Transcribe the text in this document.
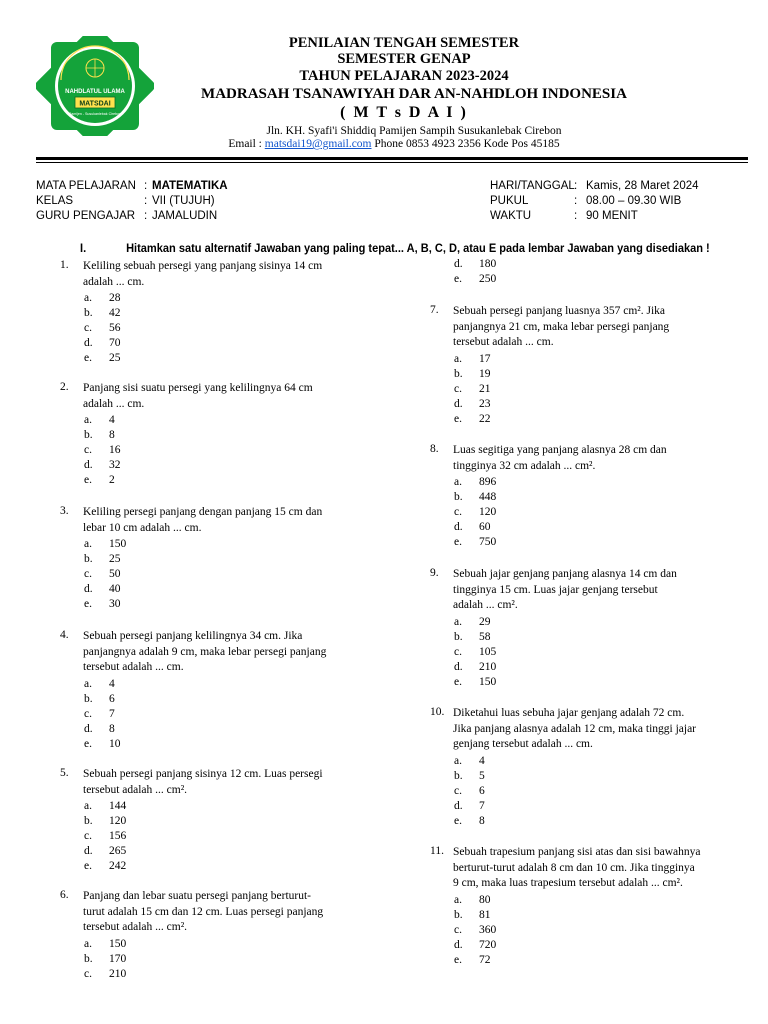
NAHDLATUL ULAMA
MATSDAI
Pamijen - Susukanlebak Cirebon
PENILAIAN TENGAH SEMESTER
SEMESTER GENAP
TAHUN PELAJARAN 2023-2024
MADRASAH TSANAWIYAH DAR AN-NAHDLOH INDONESIA
( M T s D A I )
Jln. KH. Syafi'i Shiddiq Pamijen Sampih Susukanlebak Cirebon
Email : matsdai19@gmail.com Phone 0853 4923 2356 Kode Pos 45185
MATA PELAJARAN : MATEMATIKA
KELAS	: VII (TUJUH)
GURU PENGAJAR : JAMALUDIN
HARI/TANGGAL : Kamis, 28 Maret 2024
PUKUL	: 08.00 – 09.30 WIB
WAKTU	: 90 MENIT
I.	Hitamkan satu alternatif Jawaban yang paling tepat... A, B, C, D, atau E pada lembar Jawaban yang disediakan !
1. Keliling sebuah persegi yang panjang sisinya 14 cm
adalah ... cm.
a. 28
b. 42
c. 56
d. 70
e. 25
2. Panjang sisi suatu persegi yang kelilingnya 64 cm
adalah ... cm.
a. 4
b. 8
c. 16
d. 32
e. 2
3. Keliling persegi panjang dengan panjang 15 cm dan
lebar 10 cm adalah ... cm.
a. 150
b. 25
c. 50
d. 40
e. 30
4. Sebuah persegi panjang kelilingnya 34 cm. Jika
panjangnya adalah 9 cm, maka lebar persegi panjang
tersebut adalah ... cm.
a. 4
b. 6
c. 7
d. 8
e. 10
5. Sebuah persegi panjang sisinya 12 cm. Luas persegi
tersebut adalah ... cm².
a. 144
b. 120
c. 156
d. 265
e. 242
6. Panjang dan lebar suatu persegi panjang berturut-
turut adalah 15 cm dan 12 cm. Luas persegi panjang
tersebut adalah ... cm².
a. 150
b. 170
c. 210
d. 180
e. 250
7. Sebuah persegi panjang luasnya 357 cm². Jika
panjangnya 21 cm, maka lebar persegi panjang
tersebut adalah ... cm.
a. 17
b. 19
c. 21
d. 23
e. 22
8. Luas segitiga yang panjang alasnya 28 cm dan
tingginya 32 cm adalah ... cm².
a. 896
b. 448
c. 120
d. 60
e. 750
9. Sebuah jajar genjang panjang alasnya 14 cm dan
tingginya 15 cm. Luas jajar genjang tersebut
adalah ... cm².
a. 29
b. 58
c. 105
d. 210
e. 150
10. Diketahui luas sebuha jajar genjang adalah 72 cm.
Jika panjang alasnya adalah 12 cm, maka tinggi jajar
genjang tersebut adalah ... cm.
a. 4
b. 5
c. 6
d. 7
e. 8
11. Sebuah trapesium panjang sisi atas dan sisi bawahnya
berturut-turut adalah 8 cm dan 10 cm. Jika tingginya
9 cm, maka luas trapesium tersebut adalah ... cm².
a. 80
b. 81
c. 360
d. 720
e. 72
